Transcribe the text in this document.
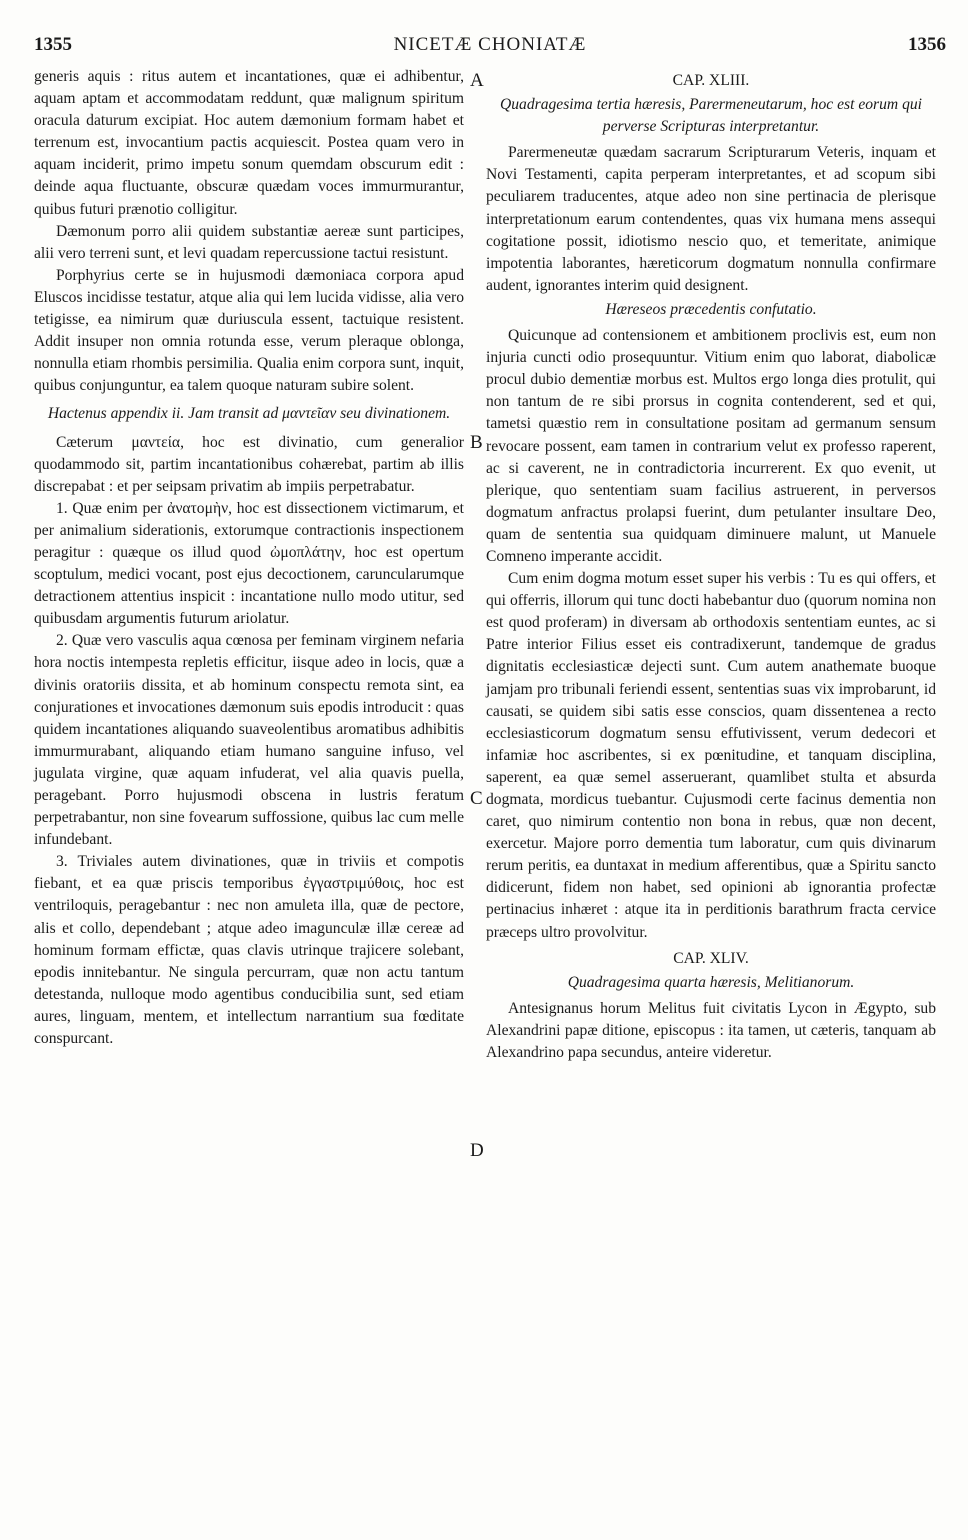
1355	NICETÆ CHONIATÆ	1356
A
B
C
D

generis aquis : ritus autem et incantationes, quæ ei adhibentur, aquam aptam et accommodatam reddunt, quæ malignum spiritum oracula daturum excipiat. Hoc autem dæmonium formam habet et terrenum est, invocantium pactis acquiescit. Postea quam vero in aquam inciderit, primo impetu sonum quemdam obscurum edit : deinde aqua fluctuante, obscuræ quædam voces immurmurantur, quibus futuri prænotio colligitur.

Dæmonum porro alii quidem substantiæ aereæ sunt participes, alii vero terreni sunt, et levi quadam repercussione tactui resistunt.

Porphyrius certe se in hujusmodi dæmoniaca corpora apud Eluscos incidisse testatur, atque alia qui lem lucida vidisse, alia vero tetigisse, ea nimirum quæ duriuscula essent, tactuique resistent. Addit insuper non omnia rotunda esse, verum pleraque oblonga, nonnulla etiam rhombis persimilia. Qualia enim corpora sunt, inquit, quibus conjunguntur, ea talem quoque naturam subire solent.

Hactenus appendix ii. Jam transit ad μαντεῖαν seu divinationem.

Cæterum μαντεία, hoc est divinatio, cum generalior quodammodo sit, partim incantationibus cohærebat, partim ab illis discrepabat : et per seipsam privatim ab impiis perpetrabatur.

1. Quæ enim per ἀνατομὴν, hoc est dissectionem victimarum, et per animalium siderationis, extorumque contractionis inspectionem peragitur : quæque os illud quod ὠμοπλάτην, hoc est opertum scoptulum, medici vocant, post ejus decoctionem, caruncularumque detractionem attentius inspicit : incantatione nullo modo utitur, sed quibusdam argumentis futurum ariolatur.

2. Quæ vero vasculis aqua cœnosa per feminam virginem nefaria hora noctis intempesta repletis efficitur, iisque adeo in locis, quæ a divinis oratoriis dissita, et ab hominum conspectu remota sint, ea conjurationes et invocationes dæmonum suis epodis introducit : quas quidem incantationes aliquando suaveolentibus aromatibus adhibitis immurmurabant, aliquando etiam humano sanguine infuso, vel jugulata virgine, quæ aquam infuderat, vel alia quavis puella, peragebant. Porro hujusmodi obscena in lustris feratum perpetrabantur, non sine fovearum suffossione, quibus lac cum melle infundebant.

3. Triviales autem divinationes, quæ in triviis et compotis fiebant, et ea quæ priscis temporibus ἐγγαστριμύθοις, hoc est ventriloquis, peragebantur : nec non amuleta illa, quæ de pectore, alis et collo, dependebant ; atque adeo imagunculæ illæ cereæ ad hominum formam effictæ, quas clavis utrinque trajicere solebant, epodis innitebantur. Ne singula percurram, quæ non actu tantum detestanda, nulloque modo agentibus conducibilia sunt, sed etiam aures, linguam, mentem, et intellectum narrantium sua fœditate conspurcant.

CAP. XLIII.

Quadragesima tertia hæresis, Parermeneutarum, hoc est eorum qui perverse Scripturas interpretantur.

Parermeneutæ quædam sacrarum Scripturarum Veteris, inquam et Novi Testamenti, capita perperam interpretantes, et ad scopum sibi peculiarem traducentes, atque adeo non sine pertinacia de plerisque interpretationum earum contendentes, quas vix humana mens assequi cogitatione possit, idiotismo nescio quo, et temeritate, animique impotentia laborantes, hæreticorum dogmatum nonnulla confirmare audent, ignorantes interim quid designent.

Hæreseos præcedentis confutatio.

Quicunque ad contensionem et ambitionem proclivis est, eum non injuria cuncti odio prosequuntur. Vitium enim quo laborat, diabolicæ procul dubio dementiæ morbus est. Multos ergo longa dies protulit, qui non tantum de re sibi prorsus in cognita contenderent, sed et qui, tametsi quæstio rem in consultatione positam ad germanum sensum revocare possent, eam tamen in contrarium velut ex professo raperent, ac si caverent, ne in contradictoria incurrerent. Ex quo evenit, ut plerique, quo sententiam suam facilius astruerent, in perversos dogmatum anfractus prolapsi fuerint, dum petulanter insultare Deo, quam de sententia sua quidquam diminuere malunt, ut Manuele Comneno imperante accidit.

Cum enim dogma motum esset super his verbis : Tu es qui offers, et qui offerris, illorum qui tunc docti habebantur duo (quorum nomina non est quod proferam) in diversam ab orthodoxis sententiam euntes, ac si Patre interior Filius esset eis contradixerunt, tandemque de gradus dignitatis ecclesiasticæ dejecti sunt. Cum autem anathemate buoque jamjam pro tribunali feriendi essent, sententias suas vix improbarunt, id causati, se quidem sibi satis esse conscios, quam dissentenea a recto ecclesiasticorum dogmatum sensu effutivissent, verum dedecori et infamiæ hoc ascribentes, si ex pœnitudine, et tanquam disciplina, saperent, ea quæ semel asseruerant, quamlibet stulta et absurda dogmata, mordicus tuebantur. Cujusmodi certe facinus dementia non caret, quo nimirum contentio non bona in rebus, quæ non decent, exercetur. Majore porro dementia tum laboratur, cum quis divinarum rerum peritis, ea duntaxat in medium afferentibus, quæ a Spiritu sancto didicerunt, fidem non habet, sed opinioni ab ignorantia profectæ pertinacius inhæret : atque ita in perditionis barathrum fracta cervice præceps ultro provolvitur.

CAP. XLIV.

Quadragesima quarta hæresis, Melitianorum.

Antesignanus horum Melitus fuit civitatis Lycon in Ægypto, sub Alexandrini papæ ditione, episcopus : ita tamen, ut cæteris, tanquam ab Alexandrino papa secundus, anteire videretur.
